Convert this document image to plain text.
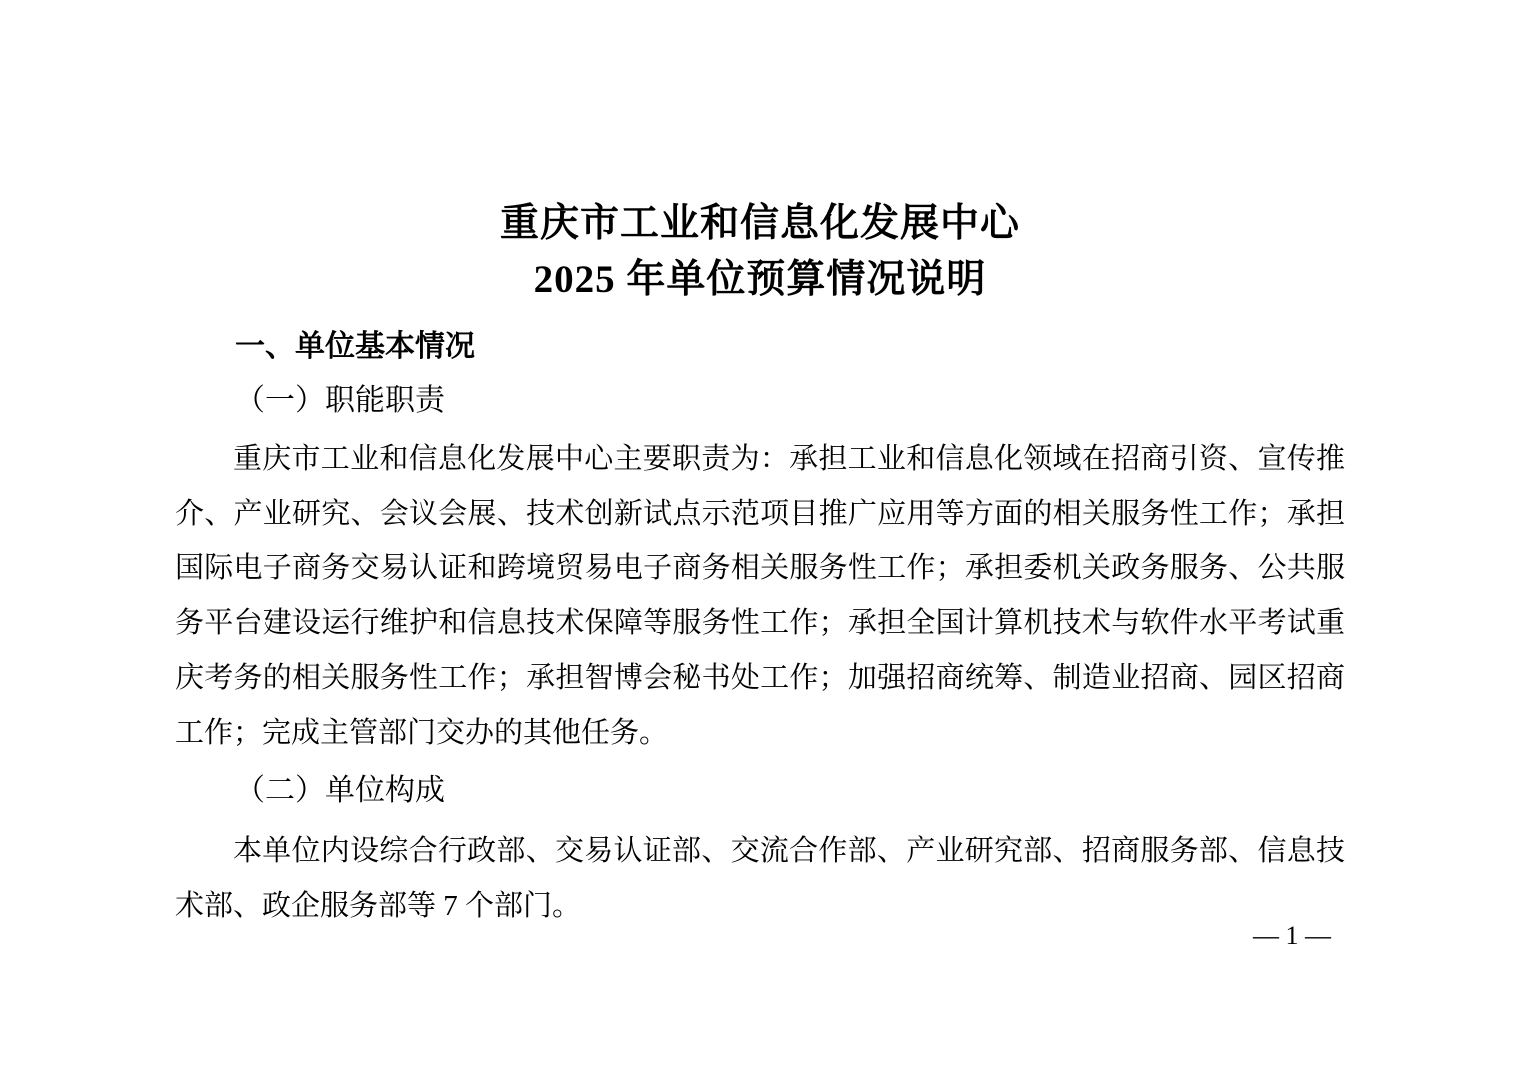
重庆市工业和信息化发展中心
2025 年单位预算情况说明
一、单位基本情况
（一）职能职责
重庆市工业和信息化发展中心主要职责为：承担工业和信息化领域在招商引资、宣传推
介、产业研究、会议会展、技术创新试点示范项目推广应用等方面的相关服务性工作；承担
国际电子商务交易认证和跨境贸易电子商务相关服务性工作；承担委机关政务服务、公共服
务平台建设运行维护和信息技术保障等服务性工作；承担全国计算机技术与软件水平考试重
庆考务的相关服务性工作；承担智博会秘书处工作；加强招商统筹、制造业招商、园区招商
工作；完成主管部门交办的其他任务。
（二）单位构成
本单位内设综合行政部、交易认证部、交流合作部、产业研究部、招商服务部、信息技
术部、政企服务部等 7 个部门。
— 1 —
